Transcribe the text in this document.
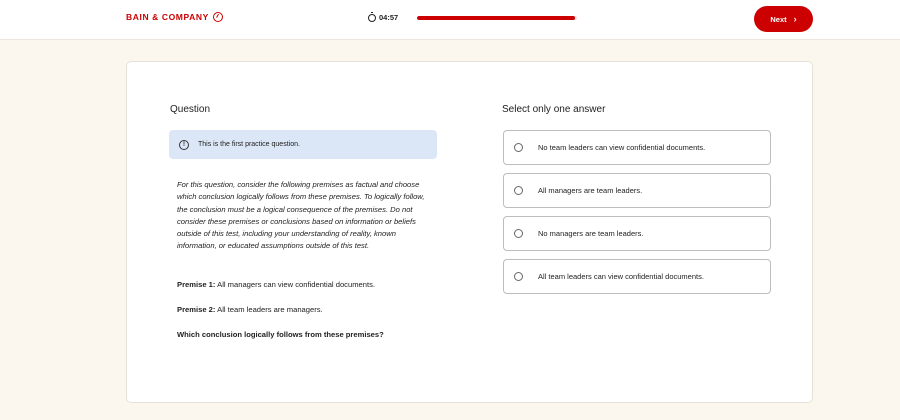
BAIN & COMPANY	04:57	Next ›
Question
!	This is the first practice question.
For this question, consider the following premises as factual and choose which conclusion logically follows from these premises. To logically follow, the conclusion must be a logical consequence of the premises. Do not consider these premises or conclusions based on information or beliefs outside of this test, including your understanding of reality, known information, or educated assumptions outside of this test.
Premise 1: All managers can view confidential documents.
Premise 2: All team leaders are managers.
Which conclusion logically follows from these premises?
Select only one answer
No team leaders can view confidential documents.
All managers are team leaders.
No managers are team leaders.
All team leaders can view confidential documents.
